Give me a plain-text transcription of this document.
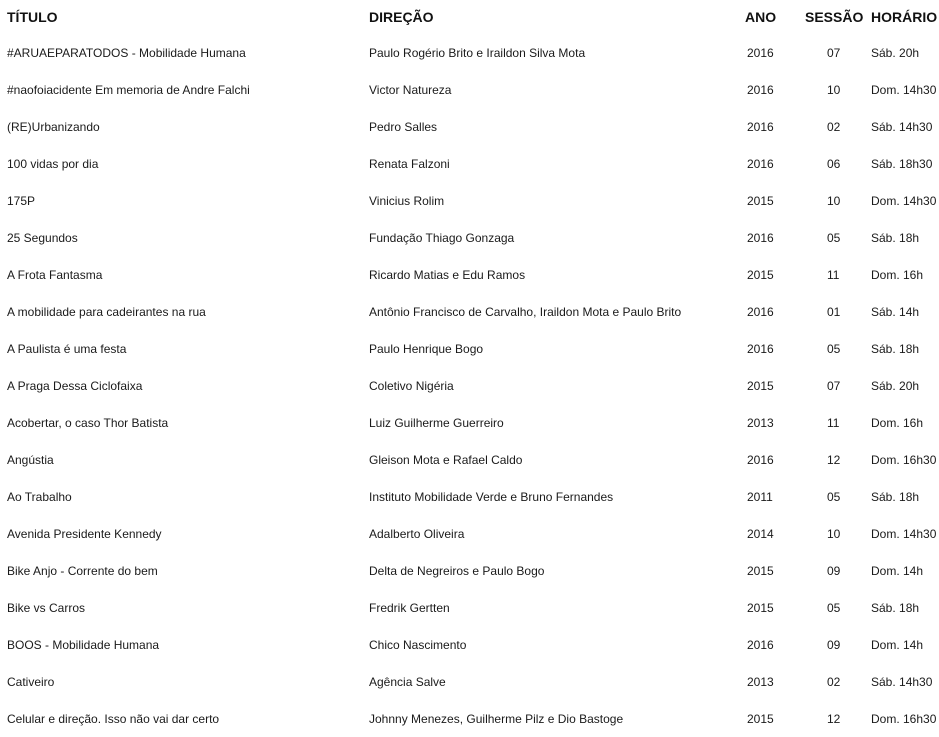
TÍTULO	DIREÇÃO	ANO	SESSÃO	HORÁRIO
#ARUAEPARATODOS - Mobilidade Humana	Paulo Rogério Brito e Iraildon Silva Mota	2016	07	Sáb. 20h
#naofoiacidente Em memoria de Andre Falchi	Victor Natureza	2016	10	Dom. 14h30
(RE)Urbanizando	Pedro Salles	2016	02	Sáb. 14h30
100 vidas por dia	Renata Falzoni	2016	06	Sáb. 18h30
175P	Vinicius Rolim	2015	10	Dom. 14h30
25 Segundos	Fundação Thiago Gonzaga	2016	05	Sáb. 18h
A Frota Fantasma	Ricardo Matias e Edu Ramos	2015	11	Dom. 16h
A mobilidade para cadeirantes na rua	Antônio Francisco de Carvalho, Iraildon Mota e Paulo Brito	2016	01	Sáb. 14h
A Paulista é uma festa	Paulo Henrique Bogo	2016	05	Sáb. 18h
A Praga Dessa Ciclofaixa	Coletivo Nigéria	2015	07	Sáb. 20h
Acobertar, o caso Thor Batista	Luiz Guilherme Guerreiro	2013	11	Dom. 16h
Angústia	Gleison Mota e Rafael Caldo	2016	12	Dom. 16h30
Ao Trabalho	Instituto Mobilidade Verde e Bruno Fernandes	2011	05	Sáb. 18h
Avenida Presidente Kennedy	Adalberto Oliveira	2014	10	Dom. 14h30
Bike Anjo - Corrente do bem	Delta de Negreiros e Paulo Bogo	2015	09	Dom. 14h
Bike vs Carros	Fredrik Gertten	2015	05	Sáb. 18h
BOOS - Mobilidade Humana	Chico Nascimento	2016	09	Dom. 14h
Cativeiro	Agência Salve	2013	02	Sáb. 14h30
Celular e direção. Isso não vai dar certo	Johnny Menezes, Guilherme Pilz e Dio Bastoge	2015	12	Dom. 16h30
